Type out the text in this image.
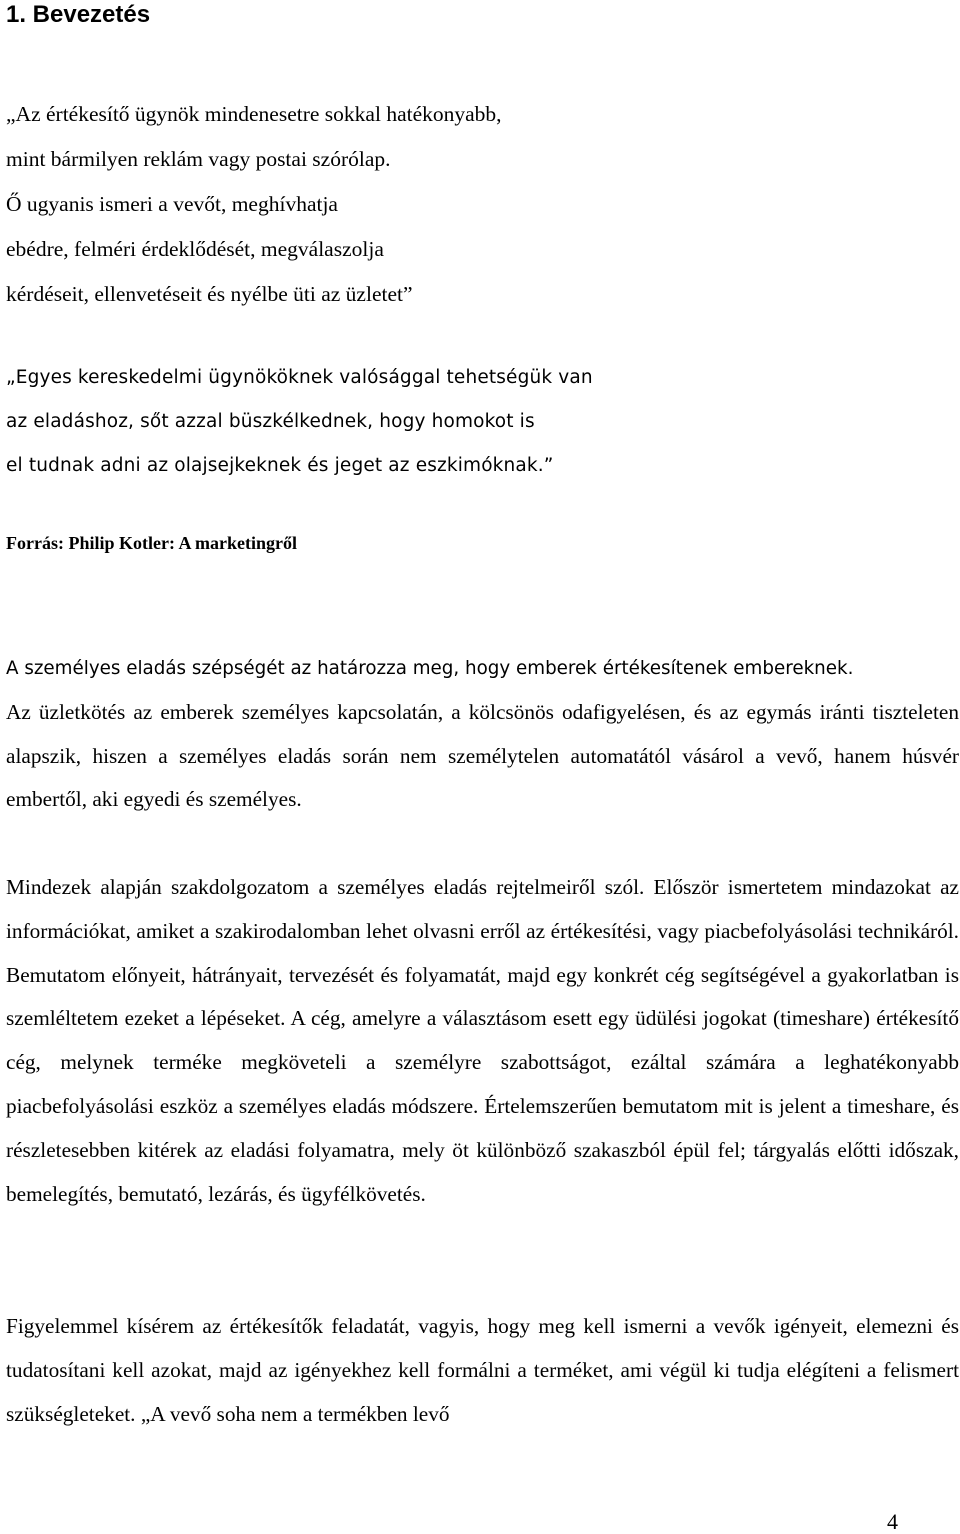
1. Bevezetés

„Az értékesítő ügynök mindenesetre sokkal hatékonyabb,
mint bármilyen reklám vagy postai szórólap.
Ő ugyanis ismeri a vevőt, meghívhatja
ebédre, felméri érdeklődését, megválaszolja
kérdéseit, ellenvetéseit és nyélbe üti az üzletet”

„Egyes kereskedelmi ügynököknek valósággal tehetségük van
az eladáshoz, sőt azzal büszkélkednek, hogy homokot is
el tudnak adni az olajsejkeknek és jeget az eszkimóknak.”

Forrás: Philip Kotler: A marketingről

A személyes eladás szépségét az határozza meg, hogy emberek értékesítenek embereknek.
Az üzletkötés az emberek személyes kapcsolatán, a kölcsönös odafigyelésen, és az egymás iránti tiszteleten alapszik, hiszen a személyes eladás során nem személytelen automatától vásárol a vevő, hanem húsvér embertől, aki egyedi és személyes.

Mindezek alapján szakdolgozatom a személyes eladás rejtelmeiről szól. Először ismertetem mindazokat az információkat, amiket a szakirodalomban lehet olvasni erről az értékesítési, vagy piacbefolyásolási technikáról. Bemutatom előnyeit, hátrányait, tervezését és folyamatát, majd egy konkrét cég segítségével a gyakorlatban is szemléltetem ezeket a lépéseket. A cég, amelyre a választásom esett egy üdülési jogokat (timeshare) értékesítő cég, melynek terméke megköveteli a személyre szabottságot, ezáltal számára a leghatékonyabb piacbefolyásolási eszköz a személyes eladás módszere. Értelemszerűen bemutatom mit is jelent a timeshare, és részletesebben kitérek az eladási folyamatra, mely öt különböző szakaszból épül fel; tárgyalás előtti időszak, bemelegítés, bemutató, lezárás, és ügyfélkövetés.

Figyelemmel kísérem az értékesítők feladatát, vagyis, hogy meg kell ismerni a vevők igényeit, elemezni és tudatosítani kell azokat, majd az igényekhez kell formálni a terméket, ami végül ki tudja elégíteni a felismert szükségleteket. „A vevő soha nem a termékben levő

4
